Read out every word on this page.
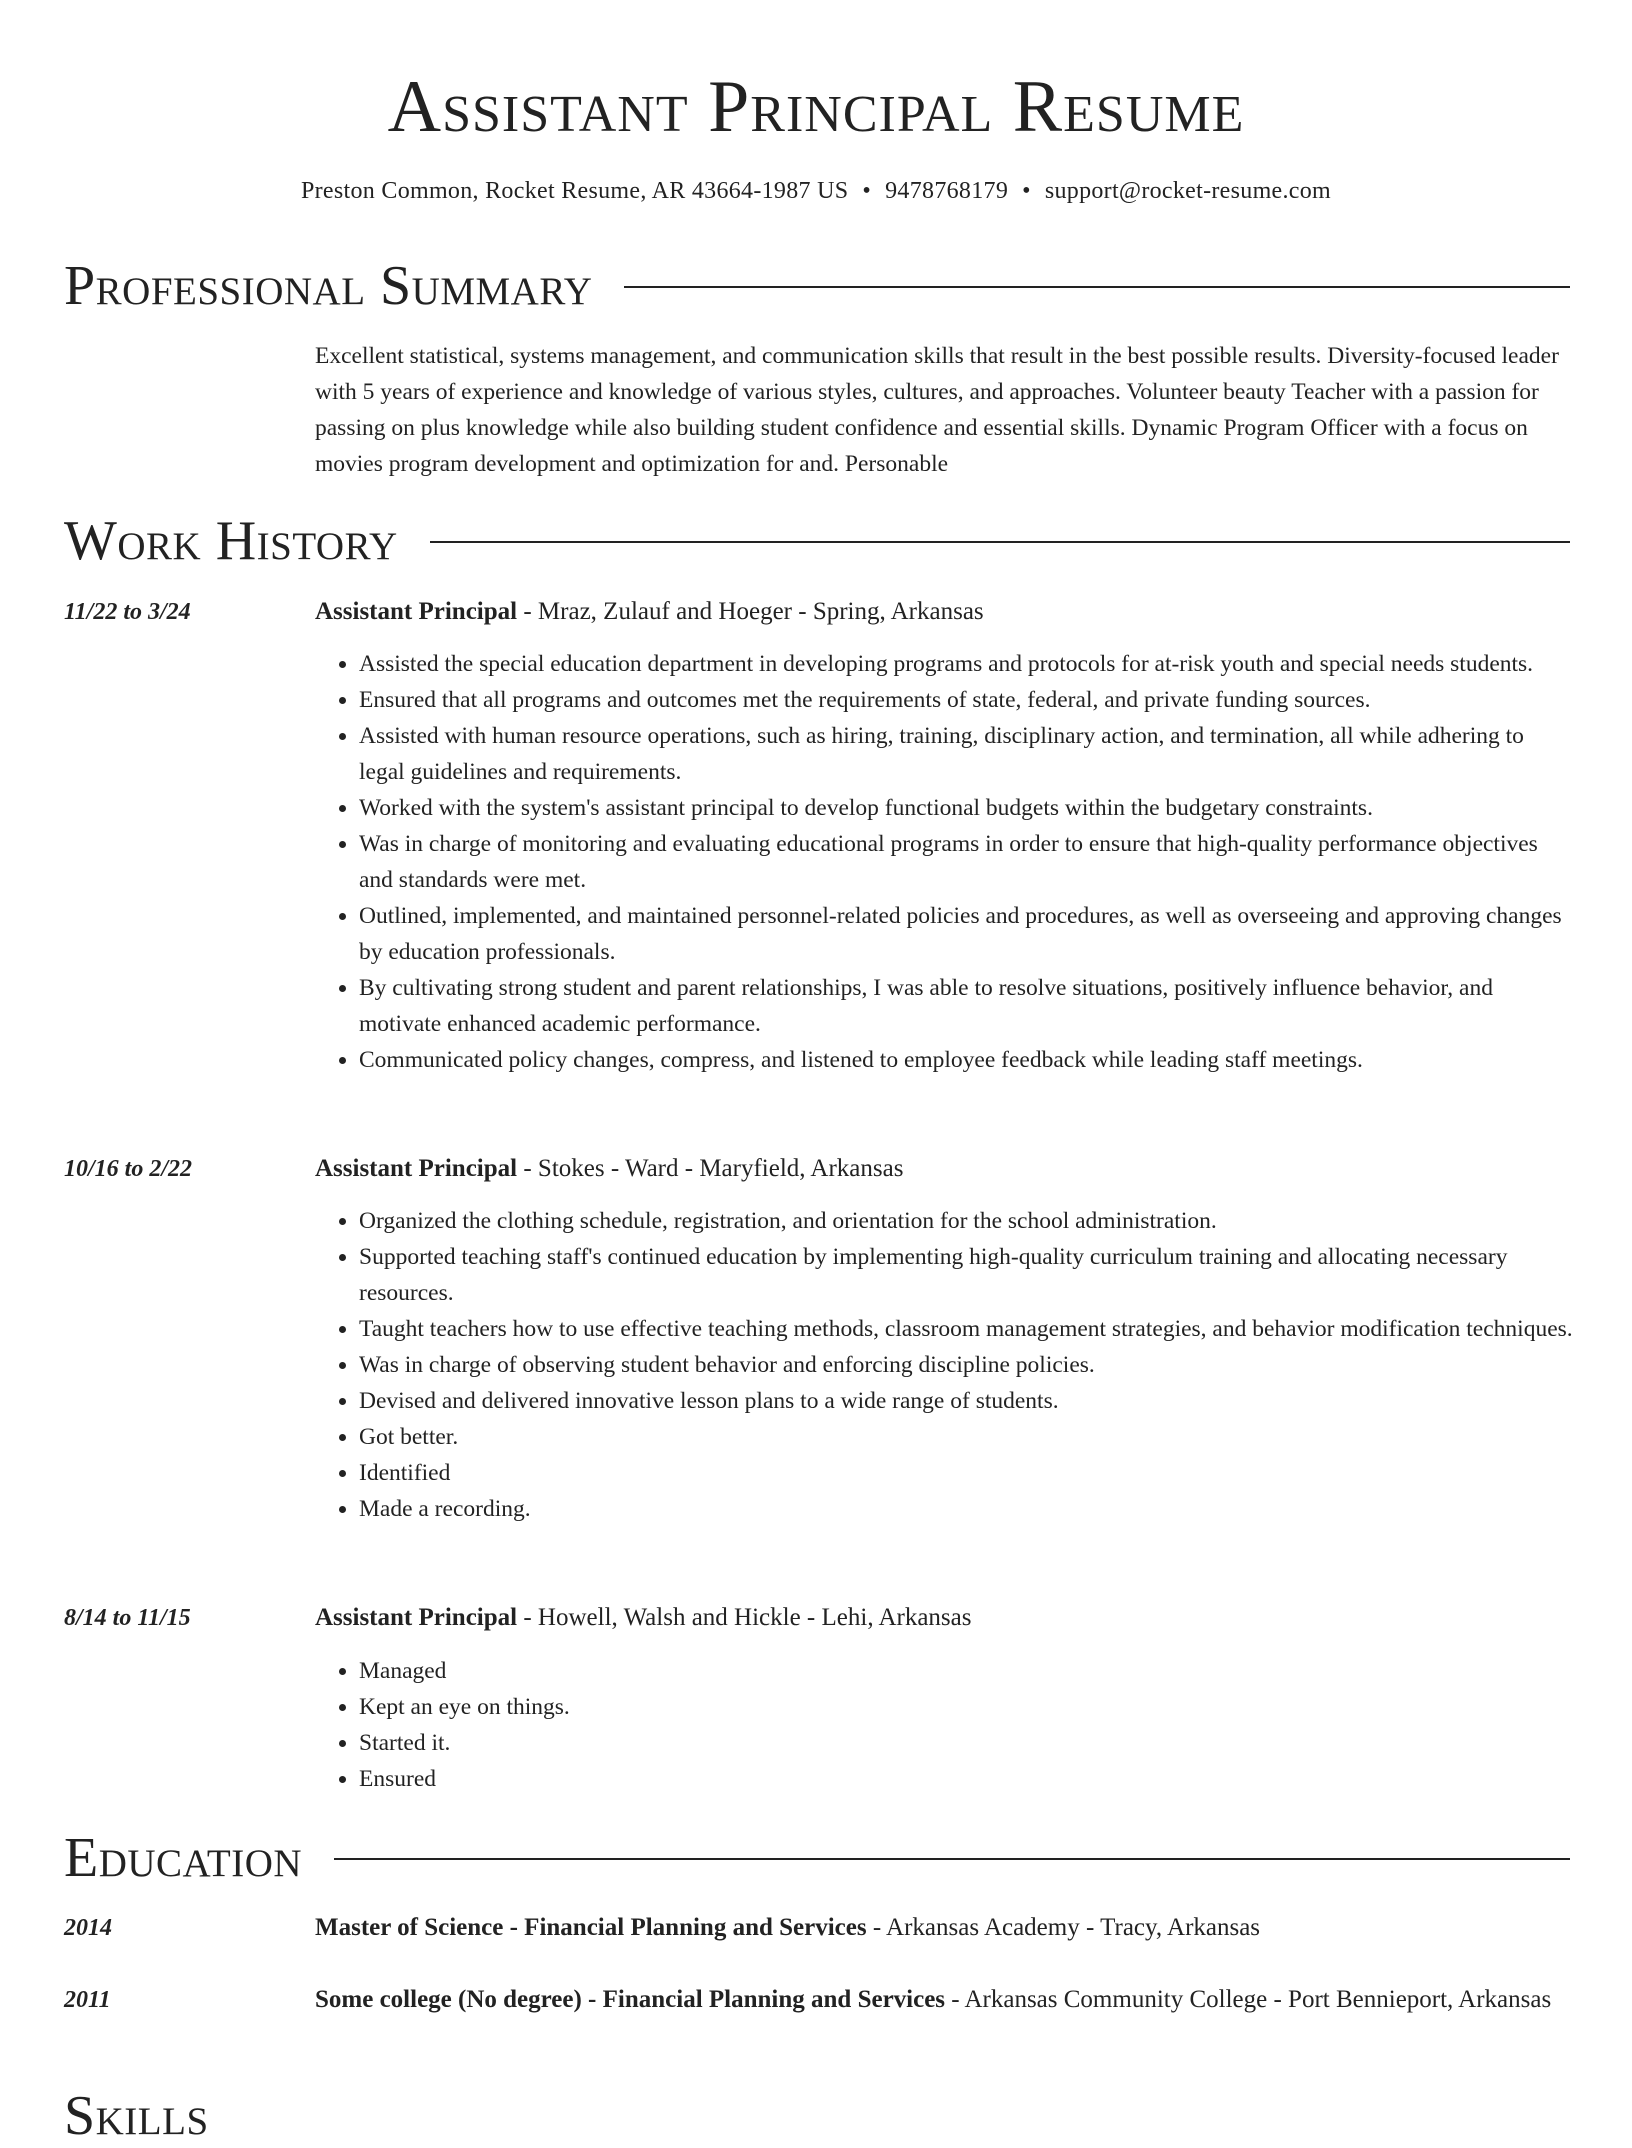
Assistant Principal Resume
Preston Common, Rocket Resume, AR 43664-1987 US • 9478768179 • support@rocket-resume.com
Professional Summary
Excellent statistical, systems management, and communication skills that result in the best possible results. Diversity-focused leader with 5 years of experience and knowledge of various styles, cultures, and approaches. Volunteer beauty Teacher with a passion for passing on plus knowledge while also building student confidence and essential skills. Dynamic Program Officer with a focus on movies program development and optimization for and. Personable
Work History
11/22 to 3/24	Assistant Principal - Mraz, Zulauf and Hoeger - Spring, Arkansas
• Assisted the special education department in developing programs and protocols for at-risk youth and special needs students.
• Ensured that all programs and outcomes met the requirements of state, federal, and private funding sources.
• Assisted with human resource operations, such as hiring, training, disciplinary action, and termination, all while adhering to legal guidelines and requirements.
• Worked with the system's assistant principal to develop functional budgets within the budgetary constraints.
• Was in charge of monitoring and evaluating educational programs in order to ensure that high-quality performance objectives and standards were met.
• Outlined, implemented, and maintained personnel-related policies and procedures, as well as overseeing and approving changes by education professionals.
• By cultivating strong student and parent relationships, I was able to resolve situations, positively influence behavior, and motivate enhanced academic performance.
• Communicated policy changes, compress, and listened to employee feedback while leading staff meetings.
10/16 to 2/22	Assistant Principal - Stokes - Ward - Maryfield, Arkansas
• Organized the clothing schedule, registration, and orientation for the school administration.
• Supported teaching staff's continued education by implementing high-quality curriculum training and allocating necessary resources.
• Taught teachers how to use effective teaching methods, classroom management strategies, and behavior modification techniques.
• Was in charge of observing student behavior and enforcing discipline policies.
• Devised and delivered innovative lesson plans to a wide range of students.
• Got better.
• Identified
• Made a recording.
8/14 to 11/15	Assistant Principal - Howell, Walsh and Hickle - Lehi, Arkansas
• Managed
• Kept an eye on things.
• Started it.
• Ensured
Education
2014	Master of Science - Financial Planning and Services - Arkansas Academy - Tracy, Arkansas
2011	Some college (No degree) - Financial Planning and Services - Arkansas Community College - Port Bennieport, Arkansas
Skills
